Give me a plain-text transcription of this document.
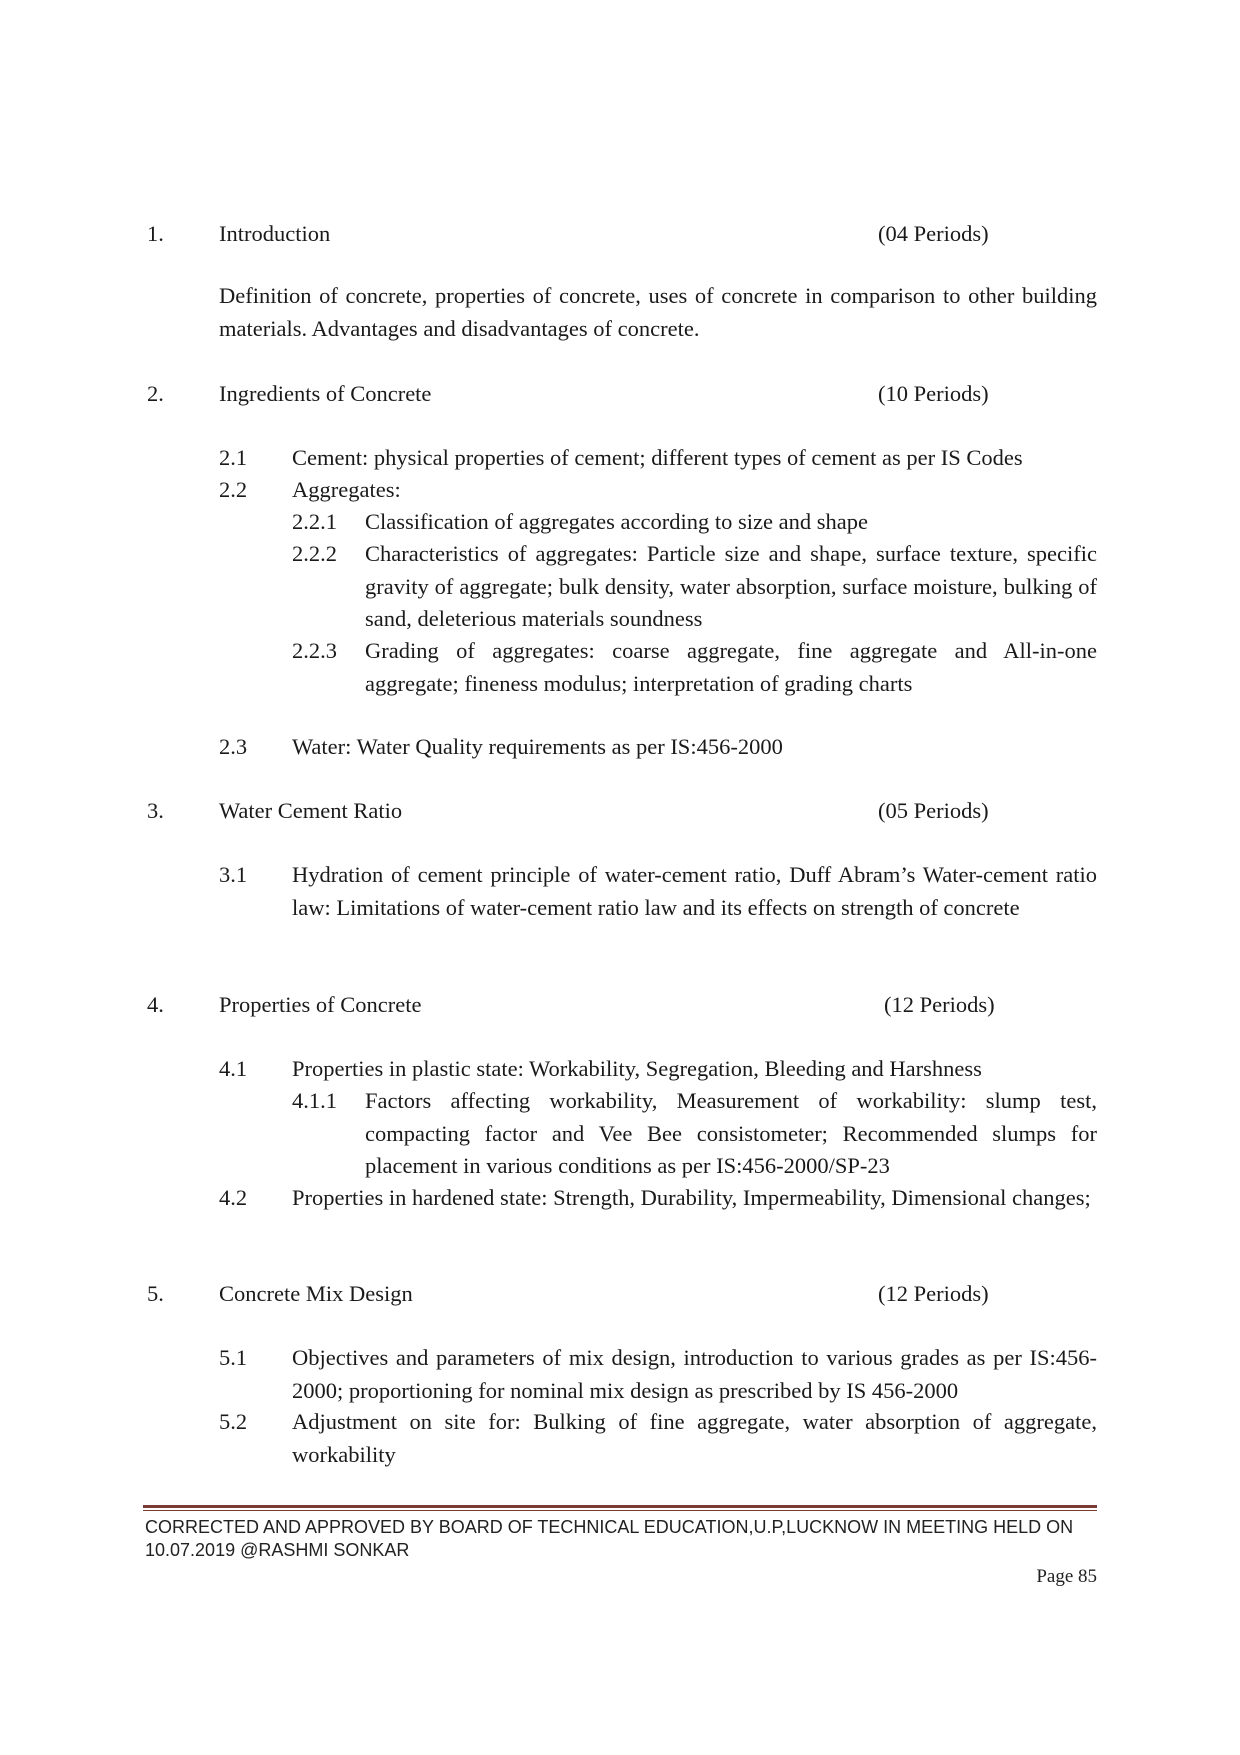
1. Introduction	(04 Periods)
Definition of concrete, properties of concrete, uses of concrete in comparison to other building materials. Advantages and disadvantages of concrete.
2. Ingredients of Concrete	(10 Periods)
2.1 Cement: physical properties of cement; different types of cement as per IS Codes
2.2 Aggregates:
2.2.1 Classification of aggregates according to size and shape
2.2.2 Characteristics of aggregates: Particle size and shape, surface texture, specific gravity of aggregate; bulk density, water absorption, surface moisture, bulking of sand, deleterious materials soundness
2.2.3 Grading of aggregates: coarse aggregate, fine aggregate and All-in-one aggregate; fineness modulus; interpretation of grading charts
2.3 Water: Water Quality requirements as per IS:456-2000
3. Water Cement Ratio	(05 Periods)
3.1 Hydration of cement principle of water-cement ratio, Duff Abram’s Water-cement ratio law: Limitations of water-cement ratio law and its effects on strength of concrete
4. Properties of Concrete	(12 Periods)
4.1 Properties in plastic state: Workability, Segregation, Bleeding and Harshness
4.1.1 Factors affecting workability, Measurement of workability: slump test, compacting factor and Vee Bee consistometer; Recommended slumps for placement in various conditions as per IS:456-2000/SP-23
4.2 Properties in hardened state: Strength, Durability, Impermeability, Dimensional changes;
5. Concrete Mix Design	(12 Periods)
5.1 Objectives and parameters of mix design, introduction to various grades as per IS:456-2000; proportioning for nominal mix design as prescribed by IS 456-2000
5.2 Adjustment on site for: Bulking of fine aggregate, water absorption of aggregate, workability
CORRECTED AND APPROVED BY BOARD OF TECHNICAL EDUCATION,U.P,LUCKNOW IN MEETING HELD ON 10.07.2019 @RASHMI SONKAR
Page 85
